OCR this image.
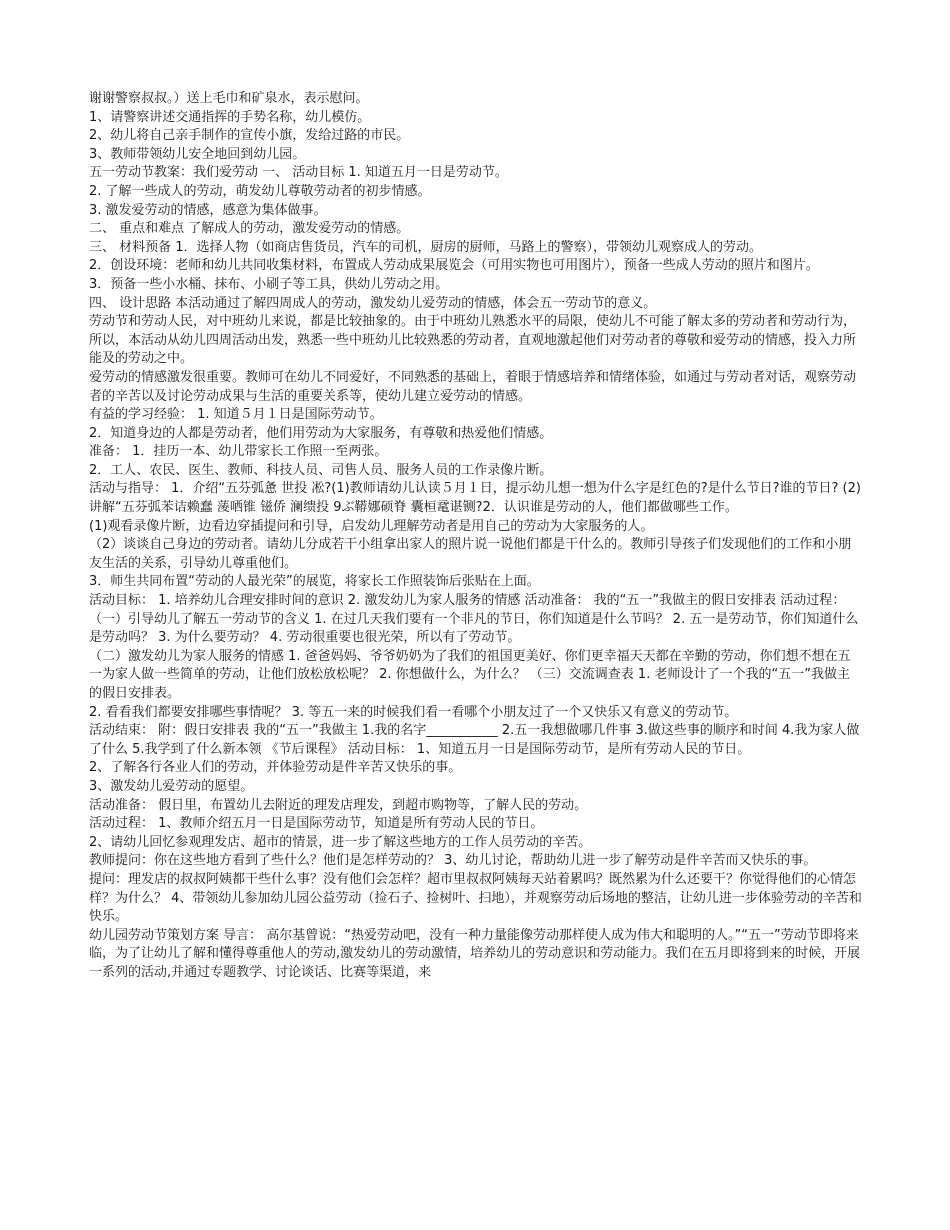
谢谢警察叔叔。）送上毛巾和矿泉水，表示慰问。

1、请警察讲述交通指挥的手势名称，幼儿模仿。

2、幼儿将自己亲手制作的宣传小旗，发给过路的市民。

3、教师带领幼儿安全地回到幼儿园。

五一劳动节教案：我们爱劳动 一、 活动目标 1. 知道五月一日是劳动节。

2. 了解一些成人的劳动，萌发幼儿尊敬劳动者的初步情感。

3. 激发爱劳动的情感，感意为集体做事。

二、 重点和难点 了解成人的劳动，激发爱劳动的情感。

三、 材料预备 1．选择人物（如商店售货员，汽车的司机，厨房的厨师，马路上的警察），带领幼儿观察成人的劳动。

2．创设环境：老师和幼儿共同收集材料，布置成人劳动成果展览会（可用实物也可用图片），预备一些成人劳动的照片和图片。

3．预备一些小水桶、抹布、小刷子等工具，供幼儿劳动之用。

四、 设计思路 本活动通过了解四周成人的劳动，激发幼儿爱劳动的情感，体会五一劳动节的意义。

劳动节和劳动人民，对中班幼儿来说，都是比较抽象的。由于中班幼儿熟悉水平的局限，使幼儿不可能了解太多的劳动者和劳动行为，所以，本活动从幼儿四周活动出发，熟悉一些中班幼儿比较熟悉的劳动者，直观地激起他们对劳动者的尊敬和爱劳动的情感，投入力所能及的劳动之中。

爱劳动的情感激发很重要。教师可在幼儿不同爱好，不同熟悉的基础上，着眼于情感培养和情绪体验，如通过与劳动者对话，观察劳动者的辛苦以及讨论劳动成果与生活的重要关系等，使幼儿建立爱劳动的情感。

有益的学习经验： 1. 知道５月１日是国际劳动节。

2．知道身边的人都是劳动者，他们用劳动为大家服务，有尊敬和热爱他们情感。

准备： 1．挂历一本、幼儿带家长工作照一至两张。

2．工人、农民、医生、教师、科技人员、司售人员、服务人员的工作录像片断。

活动与指导： 1．介绍“五芬弧惫 世投 凇?(1)教师请幼儿认读５月１日，提示幼儿想一想为什么字是红色的?是什么节日?谁的节日? (2)讲解“五芬弧苯诘赖蠢 蔆哂锥 镃侨 澜缋投 9ぶ鞯娜硕脊 囊桓鼋谌铡?2．认识谁是劳动的人，他们都做哪些工作。

(1)观看录像片断，边看边穿插提问和引导，启发幼儿理解劳动者是用自己的劳动为大家服务的人。

（2）谈谈自己身边的劳动者。请幼儿分成若干小组拿出家人的照片说一说他们都是干什么的。教师引导孩子们发现他们的工作和小朋友生活的关系，引导幼儿尊重他们。

3．师生共同布置“劳动的人最光荣”的展览，将家长工作照装饰后张贴在上面。

活动目标： 1. 培养幼儿合理安排时间的意识 2. 激发幼儿为家人服务的情感 活动准备： 我的“五一”我做主的假日安排表 活动过程： （一）引导幼儿了解五一劳动节的含义 1. 在过几天我们要有一个非凡的节日，你们知道是什么节吗？ 2. 五一是劳动节，你们知道什么是劳动吗？ 3. 为什么要劳动？ 4. 劳动很重要也很光荣，所以有了劳动节。

（二）激发幼儿为家人服务的情感 1. 爸爸妈妈、爷爷奶奶为了我们的祖国更美好、你们更幸福天天都在辛勤的劳动，你们想不想在五一为家人做一些简单的劳动，让他们放松放松呢？ 2. 你想做什么，为什么？ （三）交流调查表 1. 老师设计了一个我的“五一”我做主的假日安排表。

2. 看看我们都要安排哪些事情呢？ 3. 等五一来的时候我们看一看哪个小朋友过了一个又快乐又有意义的劳动节。

活动结束： 附：假日安排表 我的“五一”我做主 1.我的名字___________ 2.五一我想做哪几件事 3.做这些事的顺序和时间 4.我为家人做了什么 5.我学到了什么新本领 《节后课程》 活动目标： 1、知道五月一日是国际劳动节，是所有劳动人民的节日。

2、了解各行各业人们的劳动，并体验劳动是件辛苦又快乐的事。

3、激发幼儿爱劳动的愿望。

活动准备： 假日里，布置幼儿去附近的理发店理发，到超市购物等，了解人民的劳动。

活动过程： 1、教师介绍五月一日是国际劳动节，知道是所有劳动人民的节日。

2、请幼儿回忆参观理发店、超市的情景，进一步了解这些地方的工作人员劳动的辛苦。

教师提问：你在这些地方看到了些什么？他们是怎样劳动的？ 3、幼儿讨论，帮助幼儿进一步了解劳动是件辛苦而又快乐的事。

提问：理发店的叔叔阿姨都干些什么事？没有他们会怎样？超市里叔叔阿姨每天站着累吗？既然累为什么还要干？你觉得他们的心情怎样？为什么？ 4、带领幼儿参加幼儿园公益劳动（捡石子、捡树叶、扫地），并观察劳动后场地的整洁，让幼儿进一步体验劳动的辛苦和快乐。

幼儿园劳动节策划方案 导言： 高尔基曾说：“热爱劳动吧，没有一种力量能像劳动那样使人成为伟大和聪明的人。”“五一”劳动节即将来临，为了让幼儿了解和懂得尊重他人的劳动,激发幼儿的劳动激情，培养幼儿的劳动意识和劳动能力。我们在五月即将到来的时候，开展一系列的活动,并通过专题教学、讨论谈话、比赛等渠道，来
